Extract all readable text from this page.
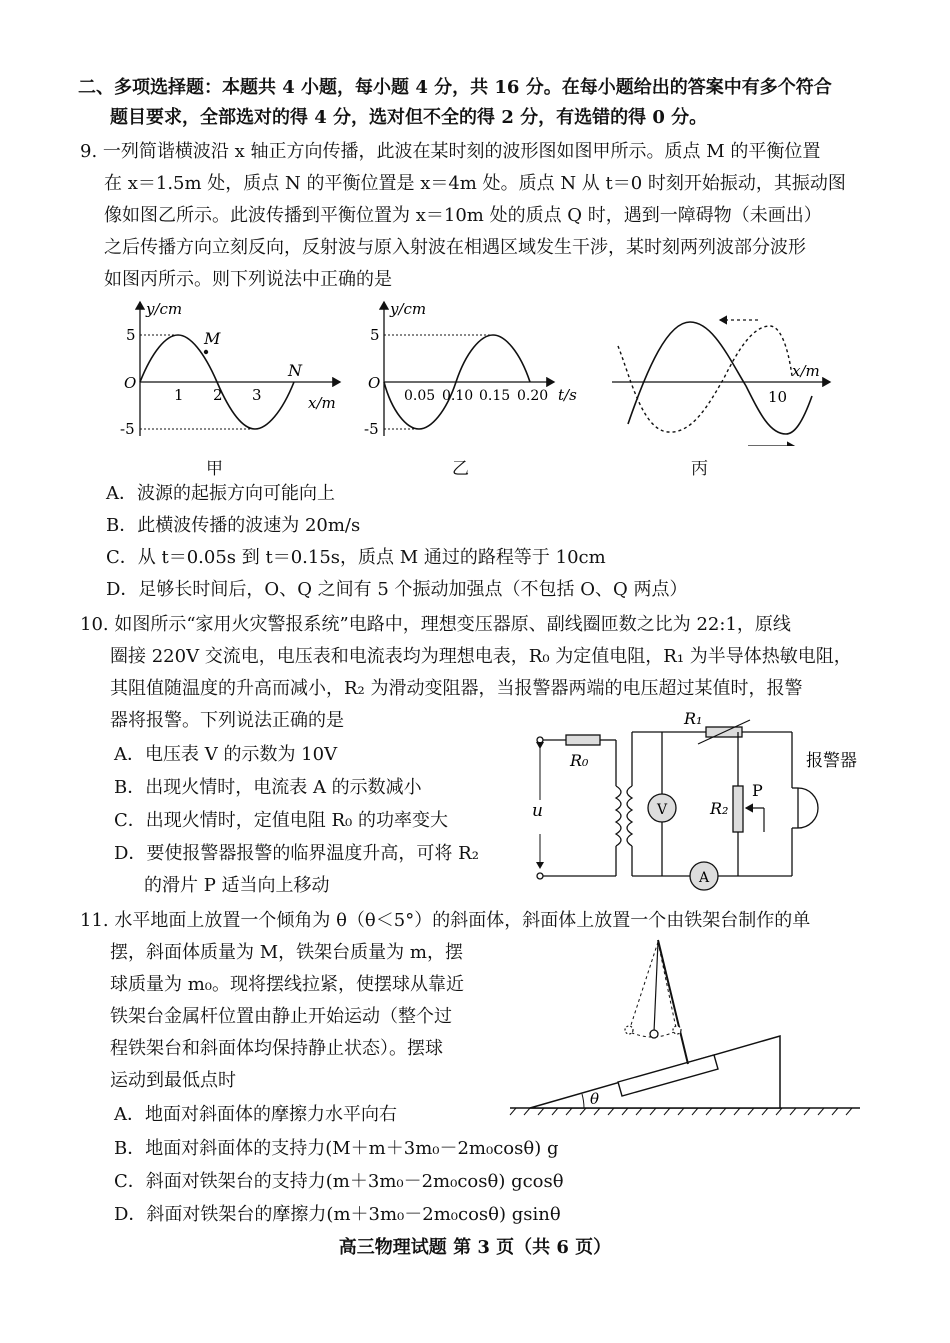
二、多项选择题：本题共 4 小题，每小题 4 分，共 16 分。在每小题给出的答案中有多个符合
题目要求，全部选对的得 4 分，选对但不全的得 2 分，有选错的得 0 分。
9. 一列简谐横波沿 x 轴正方向传播，此波在某时刻的波形图如图甲所示。质点 M 的平衡位置
在 x＝1.5m 处，质点 N 的平衡位置是 x＝4m 处。质点 N 从 t＝0 时刻开始振动，其振动图
像如图乙所示。此波传播到平衡位置为 x＝10m 处的质点 Q 时，遇到一障碍物（未画出）
之后传播方向立刻反向，反射波与原入射波在相遇区域发生干涉，某时刻两列波部分波形
如图丙所示。则下列说法中正确的是
y/cm
5
-5
O
1 2 3	x/m
M
N
甲
y/cm
5
-5
O
0.05 0.10 0.15 0.20 t/s
乙
x/m
10
丙
A．波源的起振方向可能向上
B．此横波传播的波速为 20m/s
C．从 t＝0.05s 到 t＝0.15s，质点 M 通过的路程等于 10cm
D．足够长时间后，O、Q 之间有 5 个振动加强点（不包括 O、Q 两点）
10. 如图所示“家用火灾警报系统”电路中，理想变压器原、副线圈匝数之比为 22:1，原线
圈接 220V 交流电，电压表和电流表均为理想电表，R₀ 为定值电阻，R₁ 为半导体热敏电阻，
其阻值随温度的升高而减小，R₂ 为滑动变阻器，当报警器两端的电压超过某值时，报警
器将报警。下列说法正确的是
A．电压表 V 的示数为 10V
B．出现火情时，电流表 A 的示数减小
C．出现火情时，定值电阻 R₀ 的功率变大
D．要使报警器报警的临界温度升高，可将 R₂
的滑片 P 适当向上移动
R₀
R₁
R₂
P
u	V
A
报警器
11. 水平地面上放置一个倾角为 θ（θ＜5°）的斜面体，斜面体上放置一个由铁架台制作的单
摆，斜面体质量为 M，铁架台质量为 m，摆
球质量为 m₀。现将摆线拉紧，使摆球从靠近
铁架台金属杆位置由静止开始运动（整个过
程铁架台和斜面体均保持静止状态）。摆球
运动到最低点时
θ
A．地面对斜面体的摩擦力水平向右
B．地面对斜面体的支持力(M＋m＋3m₀－2m₀cosθ) g
C．斜面对铁架台的支持力(m＋3m₀－2m₀cosθ) gcosθ
D．斜面对铁架台的摩擦力(m＋3m₀－2m₀cosθ) gsinθ
高三物理试题 第 3 页（共 6 页）
